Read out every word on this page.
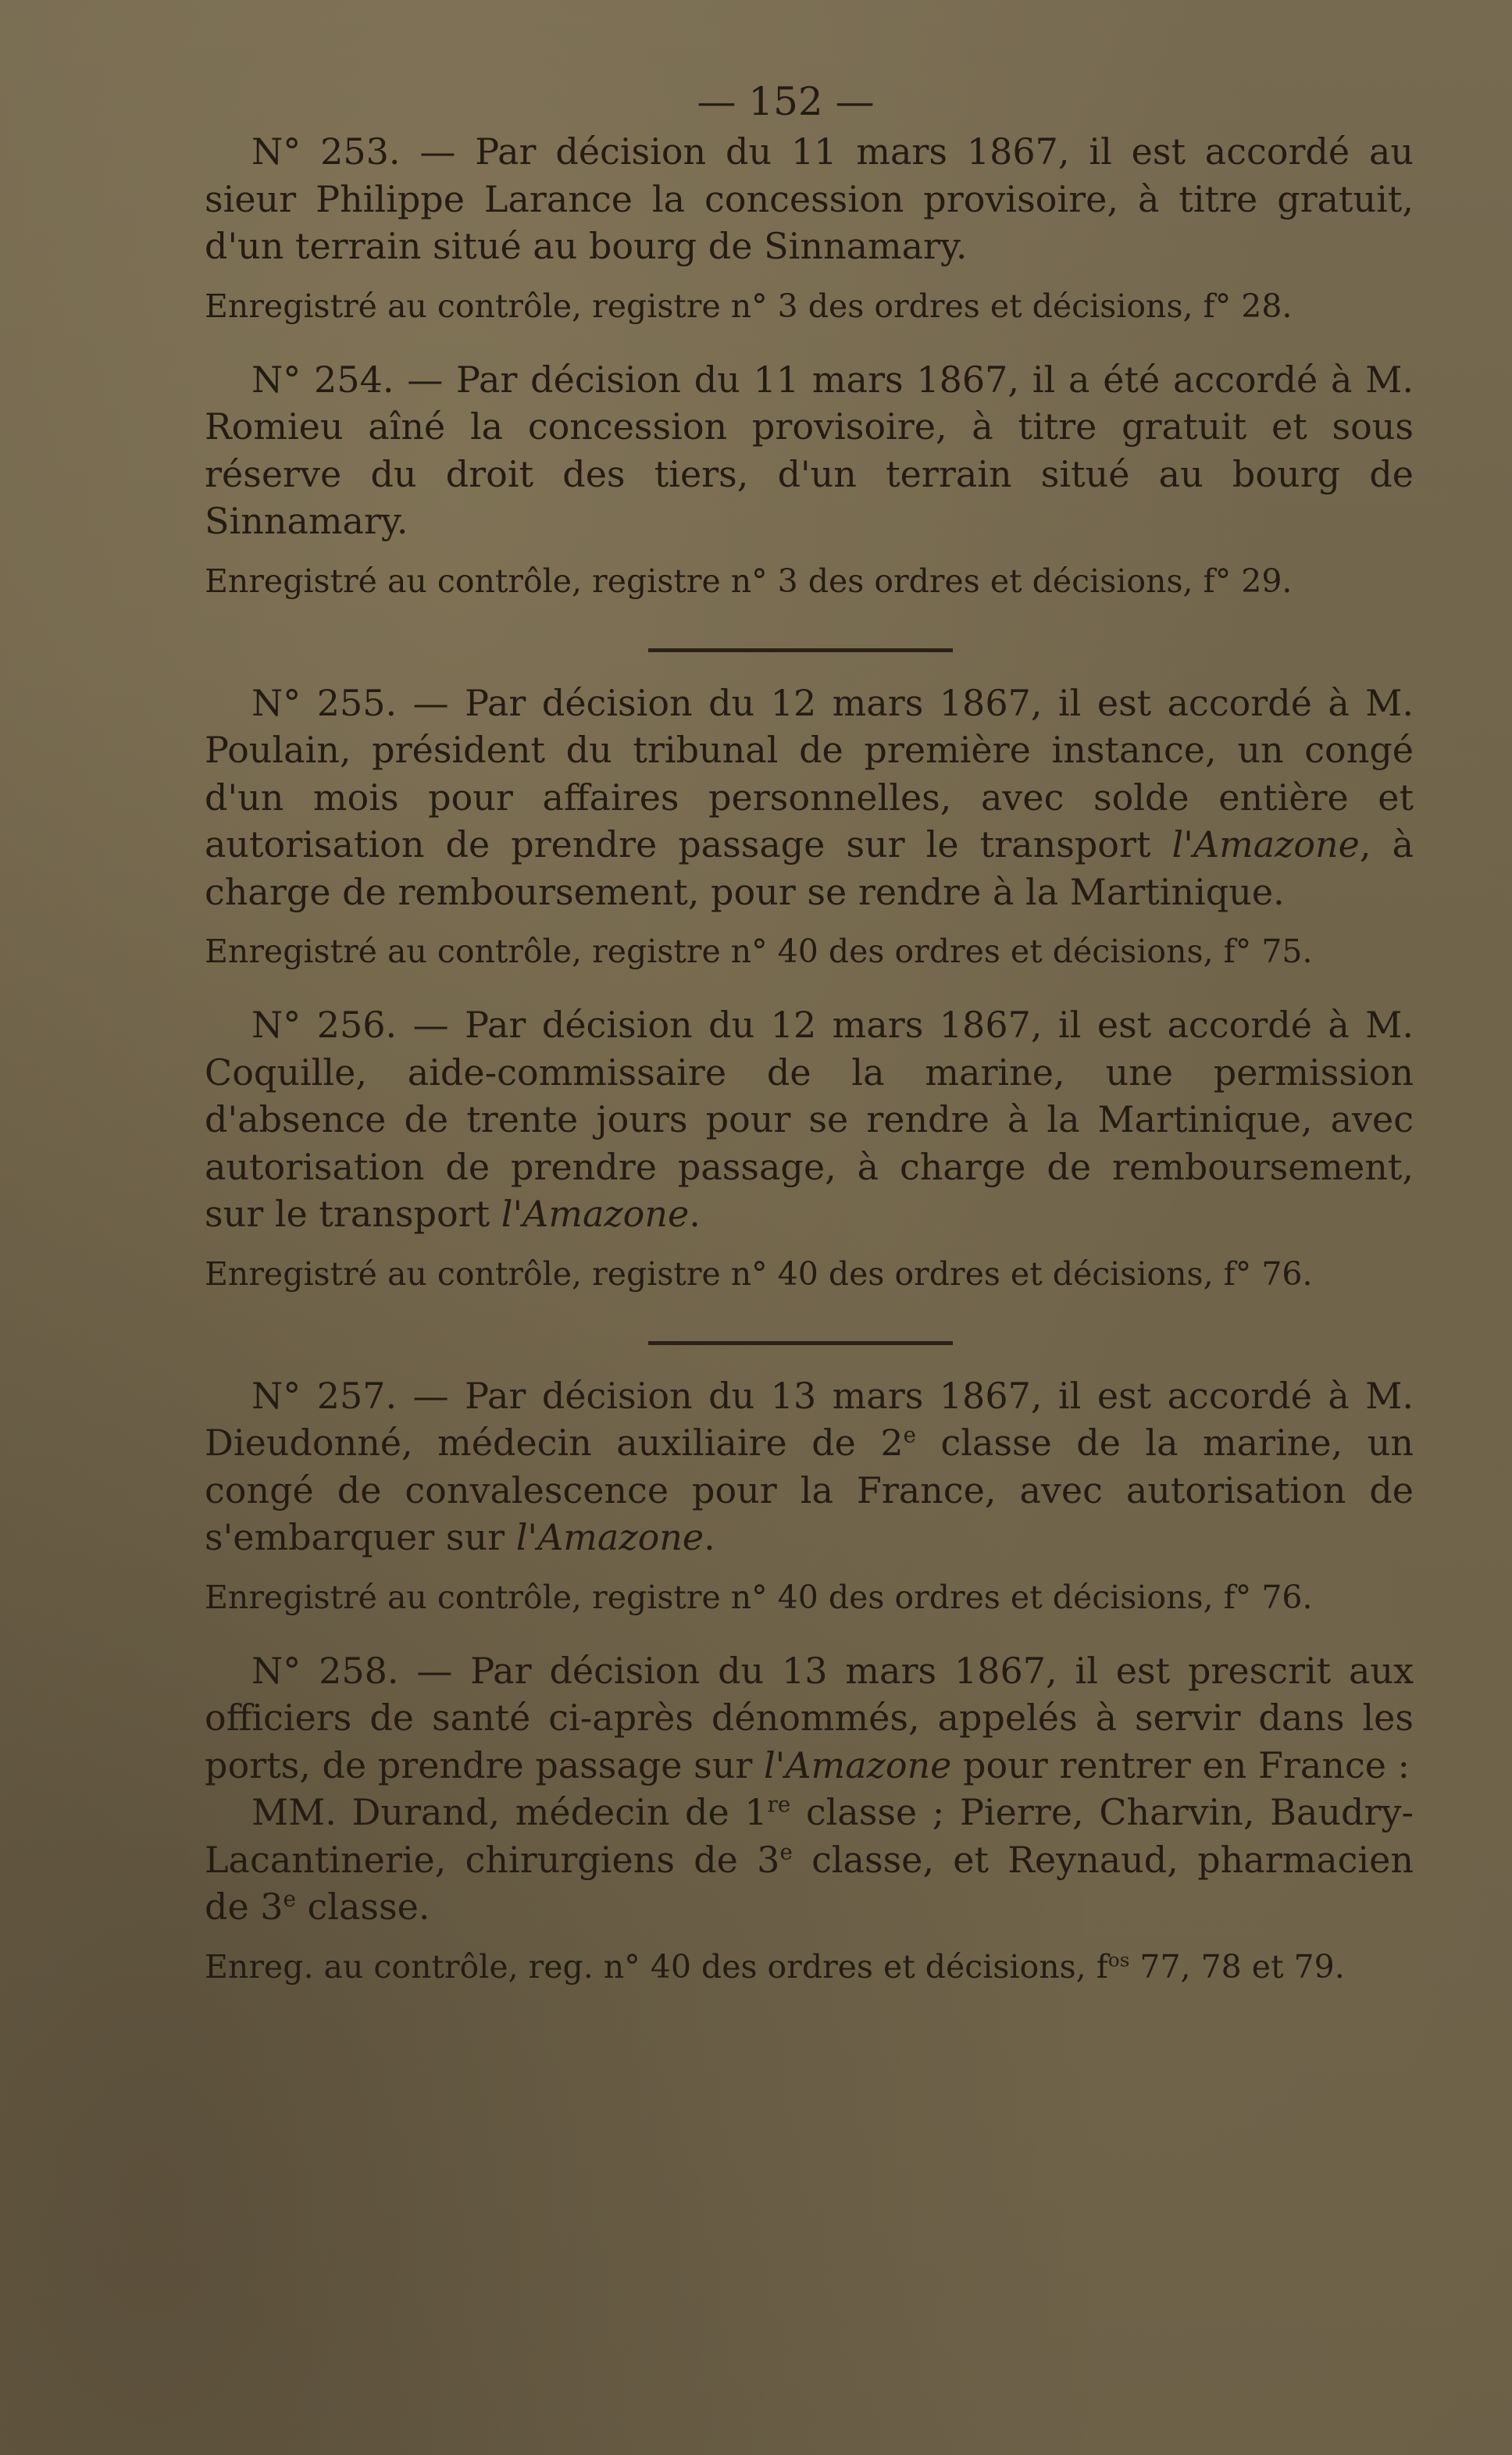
— 152 —

N° 253. — Par décision du 11 mars 1867, il est accordé au sieur Philippe Larance la concession provisoire, à titre gratuit, d'un terrain situé au bourg de Sinnamary.

Enregistré au contrôle, registre n° 3 des ordres et décisions, f° 28.

N° 254. — Par décision du 11 mars 1867, il a été accordé à M. Romieu aîné la concession provisoire, à titre gratuit et sous réserve du droit des tiers, d'un terrain situé au bourg de Sinnamary.

Enregistré au contrôle, registre n° 3 des ordres et décisions, f° 29.

N° 255. — Par décision du 12 mars 1867, il est accordé à M. Poulain, président du tribunal de première instance, un congé d'un mois pour affaires personnelles, avec solde entière et autorisation de prendre passage sur le transport l'Amazone, à charge de remboursement, pour se rendre à la Martinique.

Enregistré au contrôle, registre n° 40 des ordres et décisions, f° 75.

N° 256. — Par décision du 12 mars 1867, il est accordé à M. Coquille, aide-commissaire de la marine, une permission d'absence de trente jours pour se rendre à la Martinique, avec autorisation de prendre passage, à charge de remboursement, sur le transport l'Amazone.

Enregistré au contrôle, registre n° 40 des ordres et décisions, f° 76.

N° 257. — Par décision du 13 mars 1867, il est accordé à M. Dieudonné, médecin auxiliaire de 2e classe de la marine, un congé de convalescence pour la France, avec autorisation de s'embarquer sur l'Amazone.

Enregistré au contrôle, registre n° 40 des ordres et décisions, f° 76.

N° 258. — Par décision du 13 mars 1867, il est prescrit aux officiers de santé ci-après dénommés, appelés à servir dans les ports, de prendre passage sur l'Amazone pour rentrer en France :

MM. Durand, médecin de 1re classe ; Pierre, Charvin, Baudry-Lacantinerie, chirurgiens de 3e classe, et Reynaud, pharmacien de 3e classe.

Enreg. au contrôle, reg. n° 40 des ordres et décisions, $f^{os}$ 77, 78 et 79.
